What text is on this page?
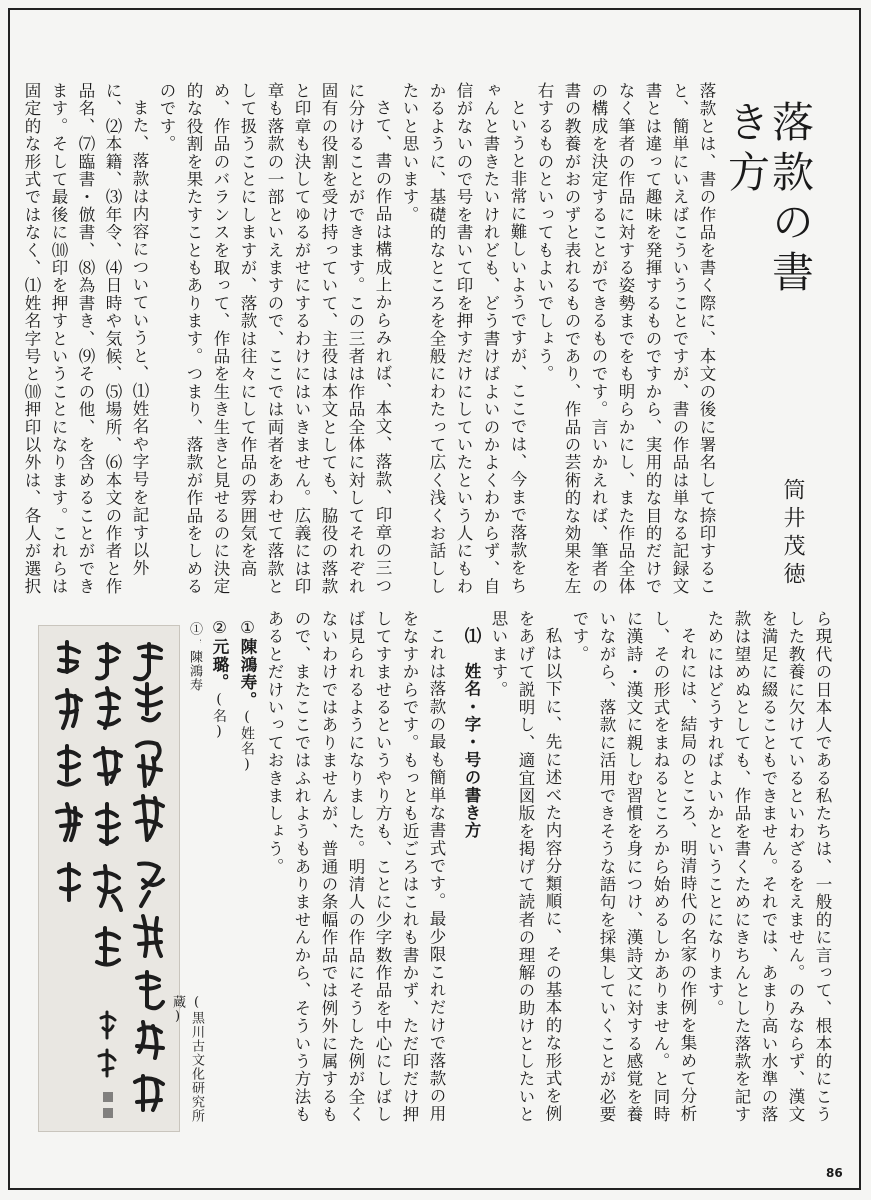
落款の書き方
筒井茂徳

落款とは、書の作品を書く際に、本文の後に署名して捺印すること、簡単にいえばこういうことですが、書の作品は単なる記録文書とは違って趣味を発揮するものですから、実用的な目的だけでなく筆者の作品に対する姿勢までをも明らかにし、また作品全体の構成を決定することができるものです。言いかえれば、筆者の書の教養がおのずと表れるものであり、作品の芸術的な効果を左右するものといってもよいでしょう。

というと非常に難しいようですが、ここでは、今まで落款をちゃんと書きたいけれども、どう書けばよいのかよくわからず、自信がないので号を書いて印を押すだけにしていたという人にもわかるように、基礎的なところを全般にわたって広く浅くお話ししたいと思います。

さて、書の作品は構成上からみれば、本文、落款、印章の三つに分けることができます。この三者は作品全体に対してそれぞれ固有の役割を受け持っていて、主役は本文としても、脇役の落款と印章も決してゆるがせにするわけにはいきません。広義には印章も落款の一部といえますので、ここでは両者をあわせて落款として扱うことにしますが、落款は往々にして作品の雰囲気を高め、作品のバランスを取って、作品を生き生きと見せるのに決定的な役割を果たすこともあります。つまり、落款が作品をしめるのです。

また、落款は内容についていうと、⑴姓名や字号を記す以外に、⑵本籍、⑶年令、⑷日時や気候、⑸場所、⑹本文の作者と作品名、⑺臨書・倣書、⑻為書き、⑼その他、を含めることができます。そして最後に⑽印を押すということになります。これらは固定的な形式ではなく、⑴姓名字号と⑽押印以外は、各人が選択

ら現代の日本人である私たちは、一般的に言って、根本的にこうした教養に欠けているといわざるをえません。のみならず、漢文を満足に綴ることもできません。それでは、あまり高い水準の落款は望めぬとしても、作品を書くためにきちんとした落款を記すためにはどうすればよいかということになります。

それには、結局のところ、明清時代の名家の作例を集めて分析し、その形式をまねるところから始めるしかありません。と同時に漢詩・漢文に親しむ習慣を身につけ、漢詩文に対する感覚を養いながら、落款に活用できそうな語句を採集していくことが必要です。

私は以下に、先に述べた内容分類順に、その基本的な形式を例をあげて説明し、適宜図版を掲げて読者の理解の助けとしたいと思います。

⑴　姓名・字・号の書き方

これは落款の最も簡単な書式です。最少限これだけで落款の用をなすからです。もっとも近ごろはこれも書かず、ただ印だけ押してすませるというやり方も、ことに少字数作品を中心にしばしば見られるようになりました。明清人の作品にそうした例が全くないわけではありませんが、普通の条幅作品では例外に属するもので、またここではふれようもありませんから、そういう方法もあるとだけいっておきましょう。

①陳鴻寿。(姓名)

②元璐。(名)

①　陳鴻寿
(黒川古文化研究所蔵)
86
